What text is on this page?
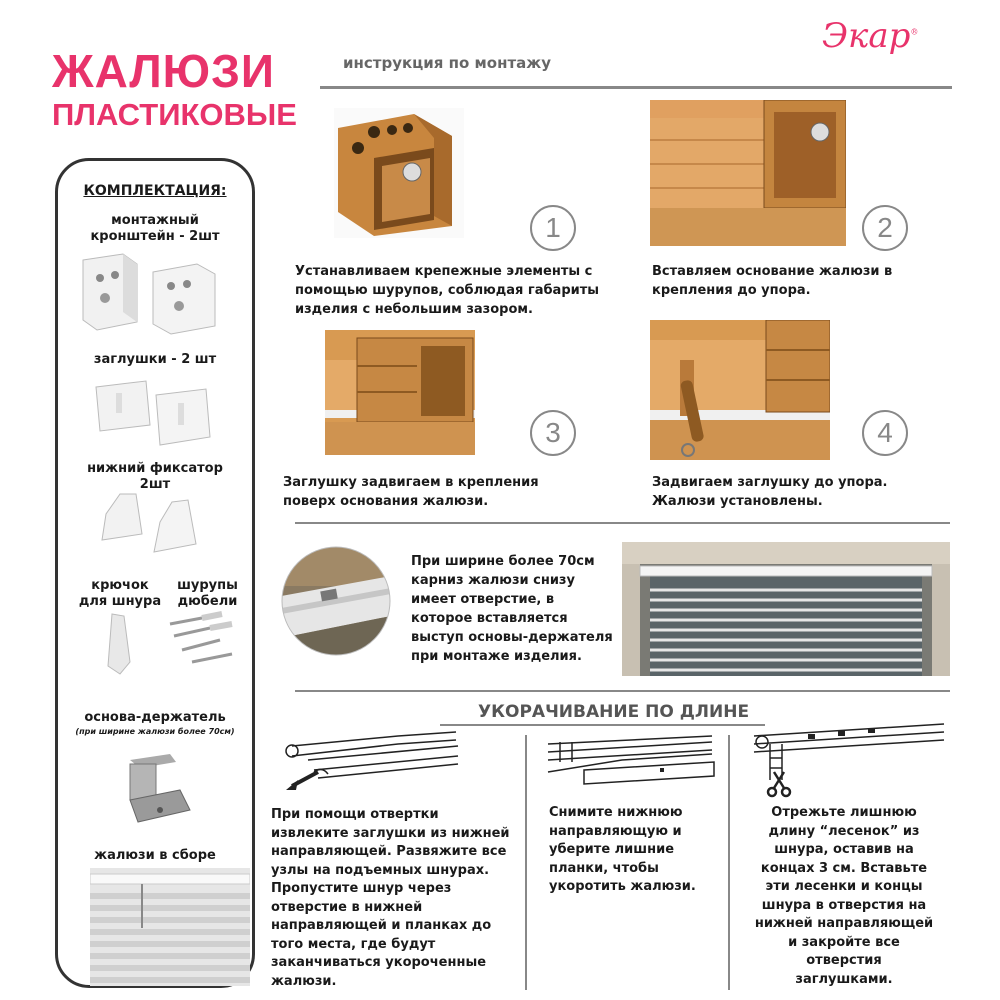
ЖАЛЮЗИ
ПЛАСТИКОВЫЕ
инструкция по монтажу
Экар®
КОМПЛЕКТАЦИЯ:
монтажный
кронштейн - 2шт
заглушки - 2 шт
нижний фиксатор
2шт
крючок
для шнура
шурупы
дюбели
основа-держатель
(при ширине жалюзи более 70см)
жалюзи в сборе
1
Устанавливаем крепежные элементы с
помощью шурупов, соблюдая габариты
изделия с небольшим зазором.
2
Вставляем основание жалюзи в
крепления до упора.
3
Заглушку задвигаем в крепления
поверх основания жалюзи.
4
Задвигаем заглушку до упора.
Жалюзи установлены.
При ширине более 70см
карниз жалюзи снизу
имеет отверстие, в
которое вставляется
выступ основы-держателя
при монтаже изделия.
УКОРАЧИВАНИЕ ПО ДЛИНЕ
При помощи отвертки
извлеките заглушки из нижней
направляющей. Развяжите все
узлы на подъемных шнурах.
Пропустите шнур через
отверстие в нижней
направляющей и планках до
того места, где будут
заканчиваться укороченные
жалюзи.
Снимите нижнюю
направляющую и
уберите лишние
планки, чтобы
укоротить жалюзи.
Отрежьте лишнюю
длину “лесенок” из
шнура, оставив на
концах 3 см. Вставьте
эти лесенки и концы
шнура в отверстия на
нижней направляющей
и закройте все
отверстия
заглушками.
